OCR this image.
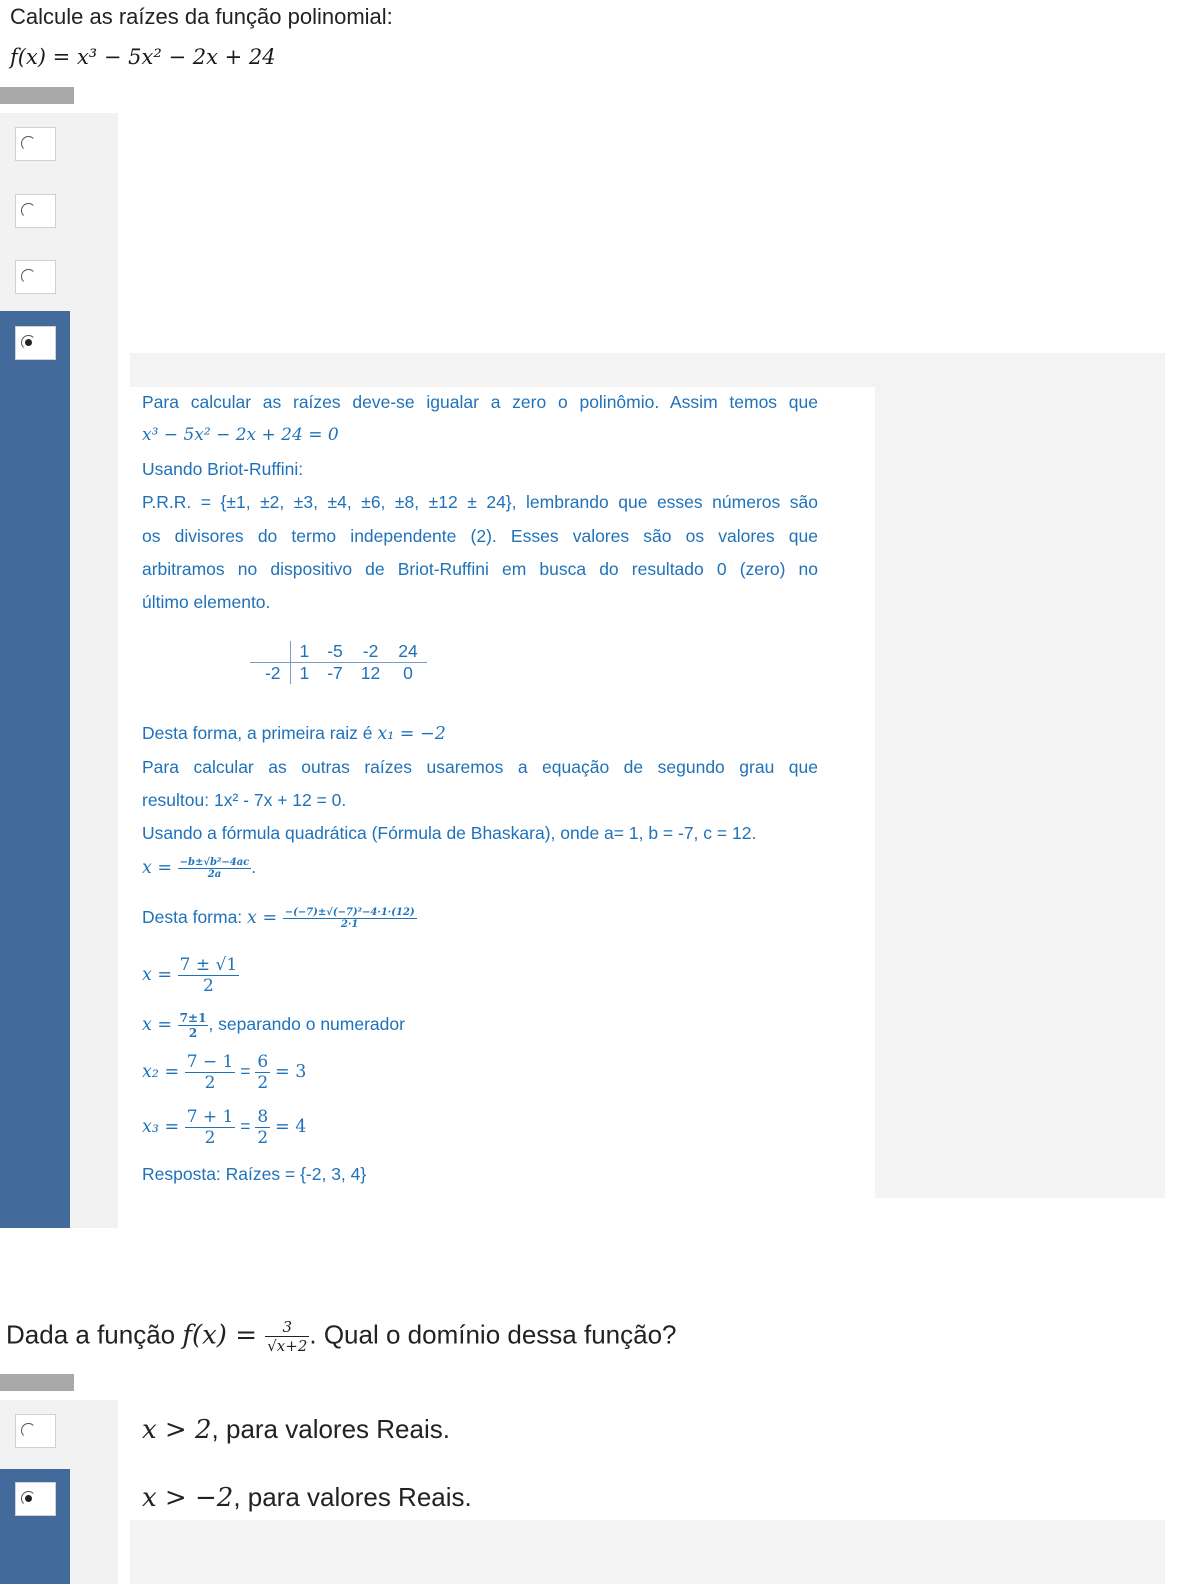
Calcule as raízes da função polinomial:
f(x) = x³ − 5x² − 2x + 24
Para calcular as raízes deve-se igualar a zero o polinômio. Assim temos que
x³ − 5x² − 2x + 24 = 0
Usando Briot-Ruffini:
P.R.R. = {±1, ±2, ±3, ±4, ±6, ±8, ±12 ± 24}, lembrando que esses números são
os divisores do termo independente (2). Esses valores são os valores que
arbitramos no dispositivo de Briot-Ruffini em busca do resultado 0 (zero) no
último elemento.
	1	-5	-2	24
-2	1	-7	12	0
Desta forma, a primeira raiz é x₁ = −2
Para calcular as outras raízes usaremos a equação de segundo grau que
resultou: 1x² - 7x + 12 = 0.
Usando a fórmula quadrática (Fórmula de Bhaskara), onde a= 1, b = -7, c = 12.
$x = \frac{\text{−b±√b²−4ac}}{2a}$ .
Desta forma: $x = \frac{\text{−(−7)±√(−7)²−4·1·(12)}}{2\cdot 1}$
$x = \frac{7 \pm √1}{2}$
$x = \frac{7\pm 1}{2}$ , separando o numerador
$x_2 = \frac{7 - 1}{2} = \frac{6}{2} = 3$
$x_3 = \frac{7 + 1}{2} = \frac{8}{2} = 4$
Resposta: Raízes = {-2, 3, 4}
Dada a função $f(x) = \frac{3}{√x+2}$ . Qual o domínio dessa função?
x > 2, para valores Reais.
x > −2, para valores Reais.
